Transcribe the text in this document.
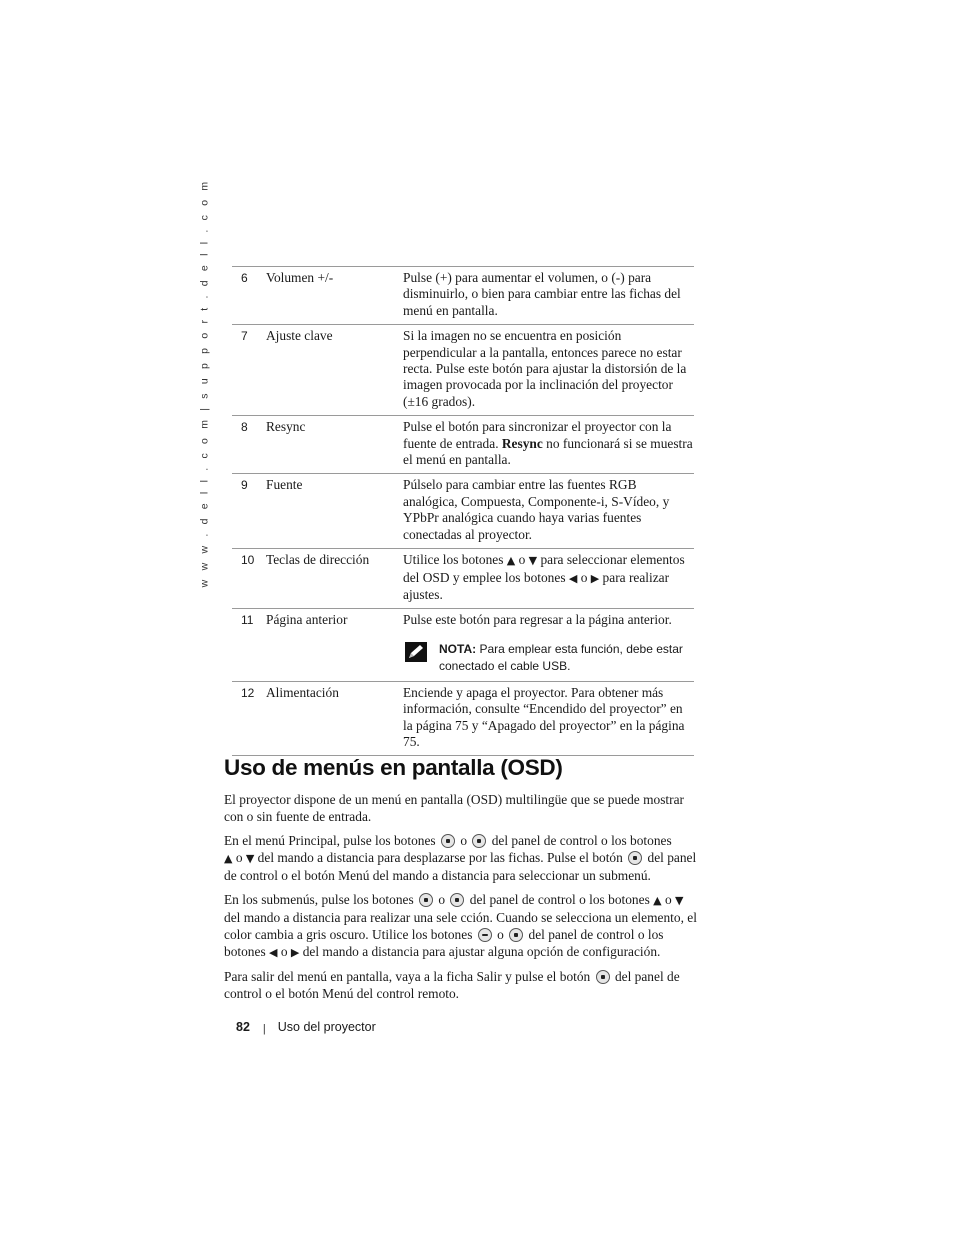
w w w . d e l l . c o m | s u p p o r t . d e l l . c o m	6	Volumen +/-	Pulse (+) para aumentar el volumen, o (-) para disminuirlo, o bien para cambiar entre las fichas del menú en pantalla.
7	Ajuste clave	Si la imagen no se encuentra en posición perpendicular a la pantalla, entonces parece no estar recta. Pulse este botón para ajustar la distorsión de la imagen provocada por la inclinación del proyector (±16 grados).
8	Resync	Pulse el botón para sincronizar el proyector con la fuente de entrada. Resync no funcionará si se muestra el menú en pantalla.
9	Fuente	Púlselo para cambiar entre las fuentes RGB analógica, Compuesta, Componente-i, S-Vídeo, y YPbPr analógica cuando haya varias fuentes conectadas al proyector.
10	Teclas de dirección	Utilice los botones ▲ o ▼ para seleccionar elementos del OSD y emplee los botones ◀ o ▶ para realizar ajustes.
11	Página anterior	Pulse este botón para regresar a la página anterior.
NOTA: Para emplear esta función, debe estar conectado el cable USB.

12	Alimentación	Enciende y apaga el proyector. Para obtener más información, consulte “Encendido del proyector” en la página 75 y “Apagado del proyector” en la página 75.
Uso de menús en pantalla (OSD)

El proyector dispone de un menú en pantalla (OSD) multilingüe que se puede mostrar con o sin fuente de entrada.

En el menú Principal, pulse los botones  o  del panel de control o los botones
▲ o ▼ del mando a distancia para desplazarse por las fichas. Pulse el botón  del panel de control o el botón Menú del mando a distancia para seleccionar un submenú.

En los submenús, pulse los botones  o  del panel de control o los botones ▲ o ▼ del mando a distancia para realizar una sele cción. Cuando se selecciona un elemento, el color cambia a gris oscuro. Utilice los botones  o  del panel de control o los botones ◀ o ▶ del mando a distancia para ajustar alguna opción de configuración.

Para salir del menú en pantalla, vaya a la ficha Salir y pulse el botón  del panel de control o el botón Menú del control remoto.

82 | Uso del proyector
